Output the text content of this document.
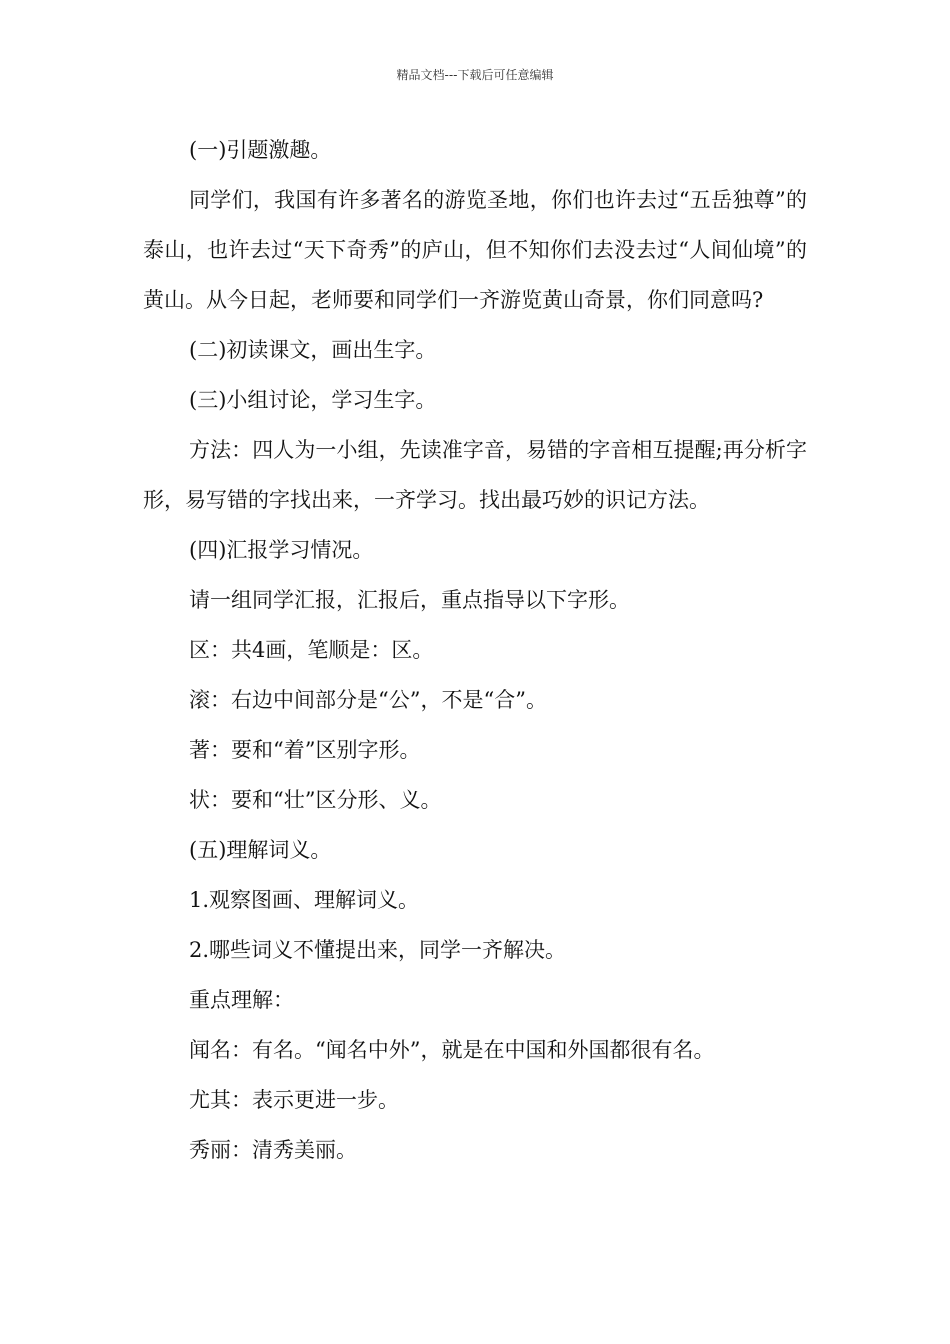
精品文档---下载后可任意编辑

(一)引题激趣。

同学们，我国有许多著名的游览圣地，你们也许去过“五岳独尊”的泰山，也许去过“天下奇秀”的庐山，但不知你们去没去过“人间仙境”的黄山。从今日起，老师要和同学们一齐游览黄山奇景，你们同意吗?

(二)初读课文，画出生字。

(三)小组讨论，学习生字。

方法：四人为一小组，先读准字音，易错的字音相互提醒;再分析字形，易写错的字找出来，一齐学习。找出最巧妙的识记方法。

(四)汇报学习情况。

请一组同学汇报，汇报后，重点指导以下字形。

区：共4画，笔顺是：区。

滚：右边中间部分是“公”，不是“合”。

著：要和“着”区别字形。

状：要和“壮”区分形、义。

(五)理解词义。

1.观察图画、理解词义。

2.哪些词义不懂提出来，同学一齐解决。

重点理解：

闻名：有名。“闻名中外”，就是在中国和外国都很有名。

尤其：表示更进一步。

秀丽：清秀美丽。
